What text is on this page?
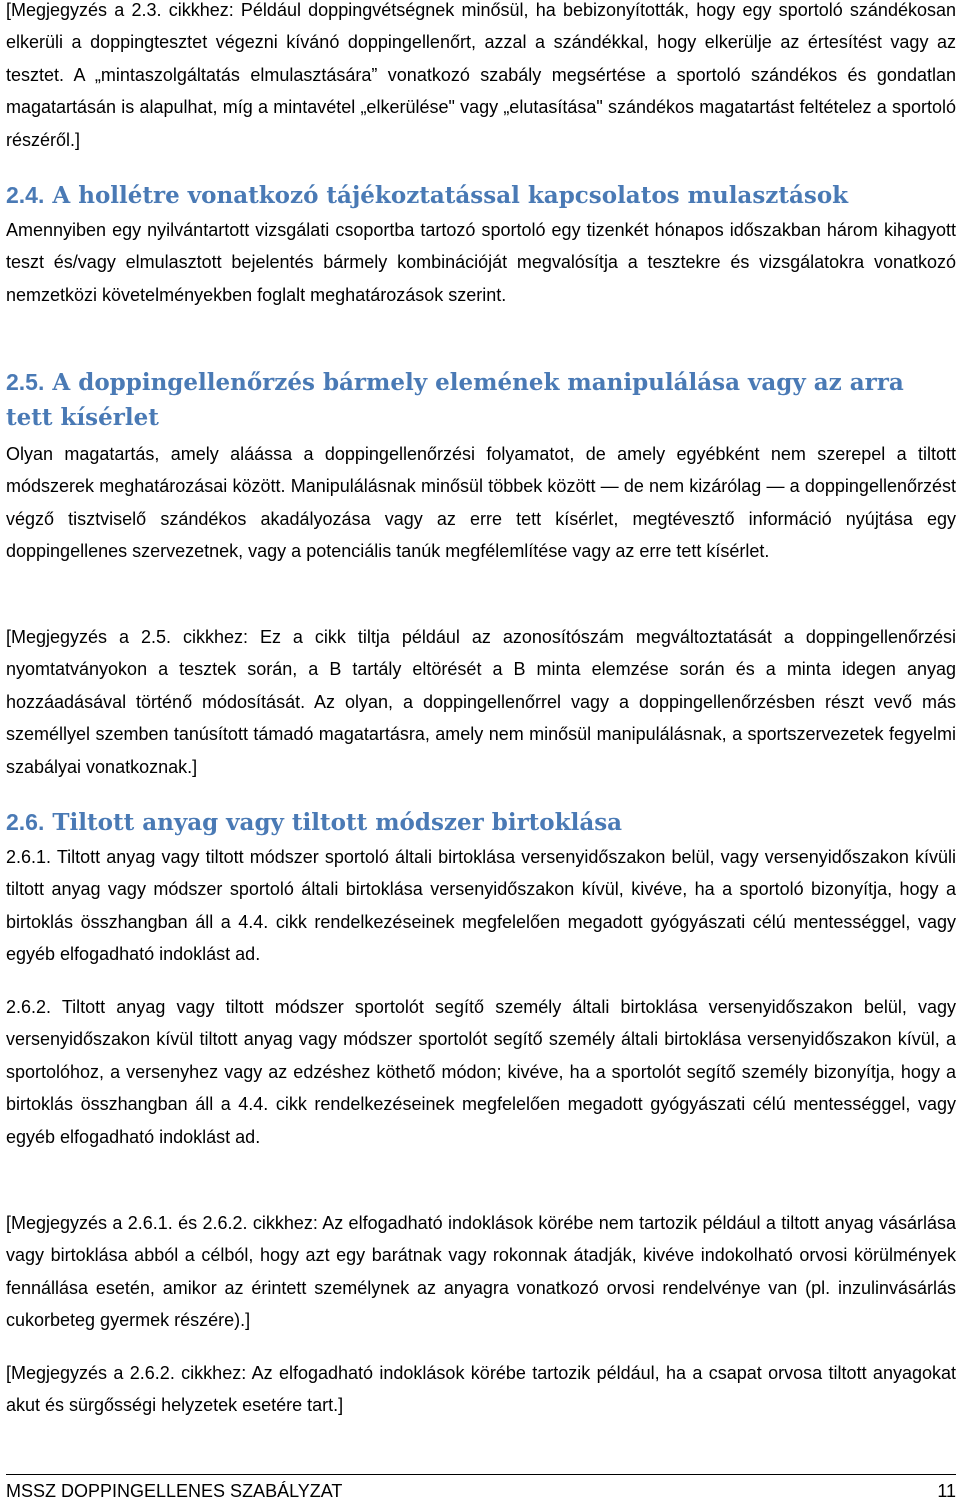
[Megjegyzés a 2.3. cikkhez: Például doppingvétségnek minősül, ha bebizonyították, hogy egy sportoló szándékosan elkerüli a doppingtesztet végezni kívánó doppingellenőrt, azzal a szándékkal, hogy elkerülje az értesítést vagy az tesztet. A „mintaszolgáltatás elmulasztására” vonatkozó szabály megsértése a sportoló szándékos és gondatlan magatartásán is alapulhat, míg a mintavétel „elkerülése" vagy „elutasítása" szándékos magatartást feltételez a sportoló részéről.]

2.4. A hollétre vonatkozó tájékoztatással kapcsolatos mulasztások

Amennyiben egy nyilvántartott vizsgálati csoportba tartozó sportoló egy tizenkét hónapos időszakban három kihagyott teszt és/vagy elmulasztott bejelentés bármely kombinációját megvalósítja a tesztekre és vizsgálatokra vonatkozó nemzetközi követelményekben foglalt meghatározások szerint.

2.5. A doppingellenőrzés bármely elemének manipulálása vagy az arra tett kísérlet

Olyan magatartás, amely aláássa a doppingellenőrzési folyamatot, de amely egyébként nem szerepel a tiltott módszerek meghatározásai között. Manipulálásnak minősül többek között — de nem kizárólag — a doppingellenőrzést végző tisztviselő szándékos akadályozása vagy az erre tett kísérlet, megtévesztő információ nyújtása egy doppingellenes szervezetnek, vagy a potenciális tanúk megfélemlítése vagy az erre tett kísérlet.

[Megjegyzés a 2.5. cikkhez: Ez a cikk tiltja például az azonosítószám megváltoztatását a doppingellenőrzési nyomtatványokon a tesztek során, a B tartály eltörését a B minta elemzése során és a minta idegen anyag hozzáadásával történő módosítását. Az olyan, a doppingellenőrrel vagy a doppingellenőrzésben részt vevő más személlyel szemben tanúsított támadó magatartásra, amely nem minősül manipulálásnak, a sportszervezetek fegyelmi szabályai vonatkoznak.]

2.6. Tiltott anyag vagy tiltott módszer birtoklása

2.6.1. Tiltott anyag vagy tiltott módszer sportoló általi birtoklása versenyidőszakon belül, vagy versenyidőszakon kívüli tiltott anyag vagy módszer sportoló általi birtoklása versenyidőszakon kívül, kivéve, ha a sportoló bizonyítja, hogy a birtoklás összhangban áll a 4.4. cikk rendelkezéseinek megfelelően megadott gyógyászati célú mentességgel, vagy egyéb elfogadható indoklást ad.

2.6.2. Tiltott anyag vagy tiltott módszer sportolót segítő személy általi birtoklása versenyidőszakon belül, vagy versenyidőszakon kívül tiltott anyag vagy módszer sportolót segítő személy általi birtoklása versenyidőszakon kívül, a sportolóhoz, a versenyhez vagy az edzéshez köthető módon; kivéve, ha a sportolót segítő személy bizonyítja, hogy a birtoklás összhangban áll a 4.4. cikk rendelkezéseinek megfelelően megadott gyógyászati célú mentességgel, vagy egyéb elfogadható indoklást ad.

[Megjegyzés a 2.6.1. és 2.6.2. cikkhez: Az elfogadható indoklások körébe nem tartozik például a tiltott anyag vásárlása vagy birtoklása abból a célból, hogy azt egy barátnak vagy rokonnak átadják, kivéve indokolható orvosi körülmények fennállása esetén, amikor az érintett személynek az anyagra vonatkozó orvosi rendelvénye van (pl. inzulinvásárlás cukorbeteg gyermek részére).]

[Megjegyzés a 2.6.2. cikkhez: Az elfogadható indoklások körébe tartozik például, ha a csapat orvosa tiltott anyagokat akut és sürgősségi helyzetek esetére tart.]

MSSZ DOPPINGELLENES SZABÁLYZAT	11
